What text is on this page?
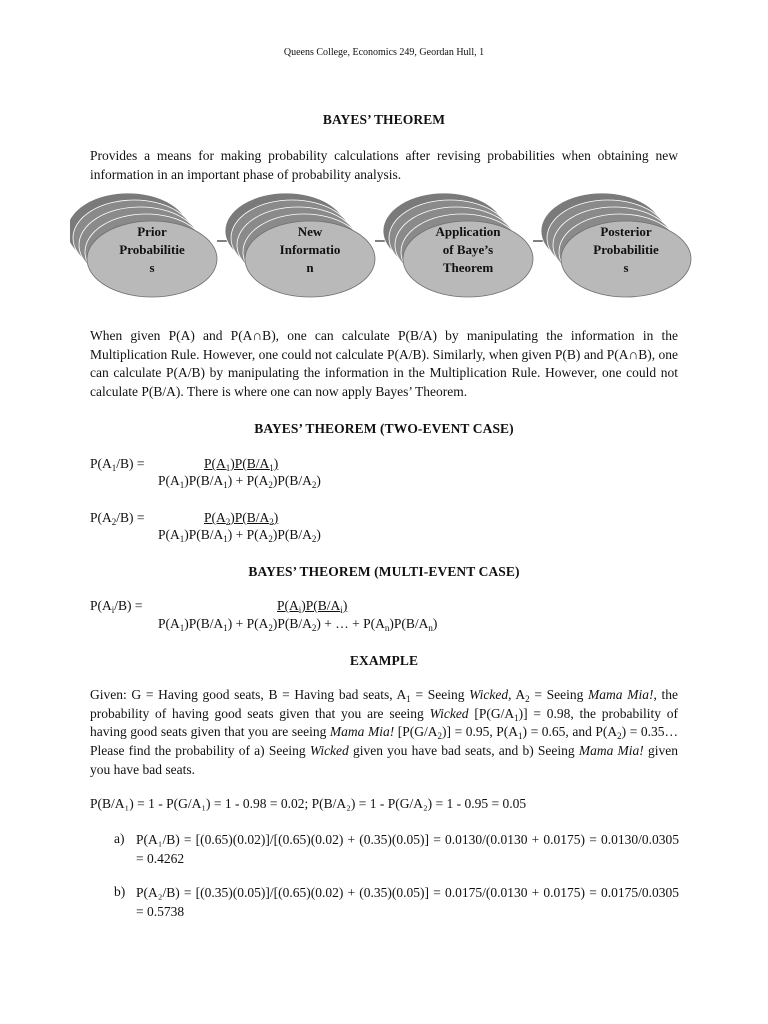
Queens College, Economics 249, Geordan Hull, 1
BAYES’ THEOREM
Provides a means for making probability calculations after revising probabilities when obtaining new information in an important phase of probability analysis.
Prior
Probabilitie
s
New
Informatio
n
Application
of Baye’s
Theorem
Posterior
Probabilitie
s
When given P(A) and P(A∩B), one can calculate P(B/A) by manipulating the information in the Multiplication Rule. However, one could not calculate P(A/B). Similarly, when given P(B) and P(A∩B), one can calculate P(A/B) by manipulating the information in the Multiplication Rule. However, one could not calculate P(B/A). There is where one can now apply Bayes’ Theorem.
BAYES’ THEOREM (TWO-EVENT CASE)
$P(A_1/B)$ =	$P(A_1)P(B/A_1)$
$P(A_1)P(B/A_1) + P(A_2)P(B/A_2)$
$P(A_2/B)$ =	$P(A_2)P(B/A_2)$
$P(A_1)P(B/A_1) + P(A_2)P(B/A_2)$
BAYES’ THEOREM (MULTI-EVENT CASE)
$P(A_i/B)$ =	$P(A_i)P(B/A_i)$
$P(A_1)P(B/A_1) + P(A_2)P(B/A_2)$ + … + $P(A_n)P(B/A_n)$
EXAMPLE
Given: G = Having good seats, B = Having bad seats, $A_1$ = Seeing Wicked, $A_2$ = Seeing Mama Mia!, the probability of having good seats given that you are seeing Wicked $[P(G/A_1)] = 0.98$, the probability of having good seats given that you are seeing Mama Mia! $[P(G/A_2)] = 0.95$, $P(A_1) = 0.65$, and $P(A_2)$ = 0.35… Please find the probability of a) Seeing Wicked given you have bad seats, and b) Seeing Mama Mia! given you have bad seats.
P(B/A₁) = 1 - P(G/A₁) = 1 - 0.98 = 0.02; P(B/A₂) = 1 - P(G/A₂) = 1 - 0.95 = 0.05
a) P(A₁/B) = [(0.65)(0.02)]/[(0.65)(0.02) + (0.35)(0.05)] = 0.0130/(0.0130 + 0.0175) = 0.0130/0.0305 = 0.4262
b) P(A₂/B) = [(0.35)(0.05)]/[(0.65)(0.02) + (0.35)(0.05)] = 0.0175/(0.0130 + 0.0175) = 0.0175/0.0305 = 0.5738
